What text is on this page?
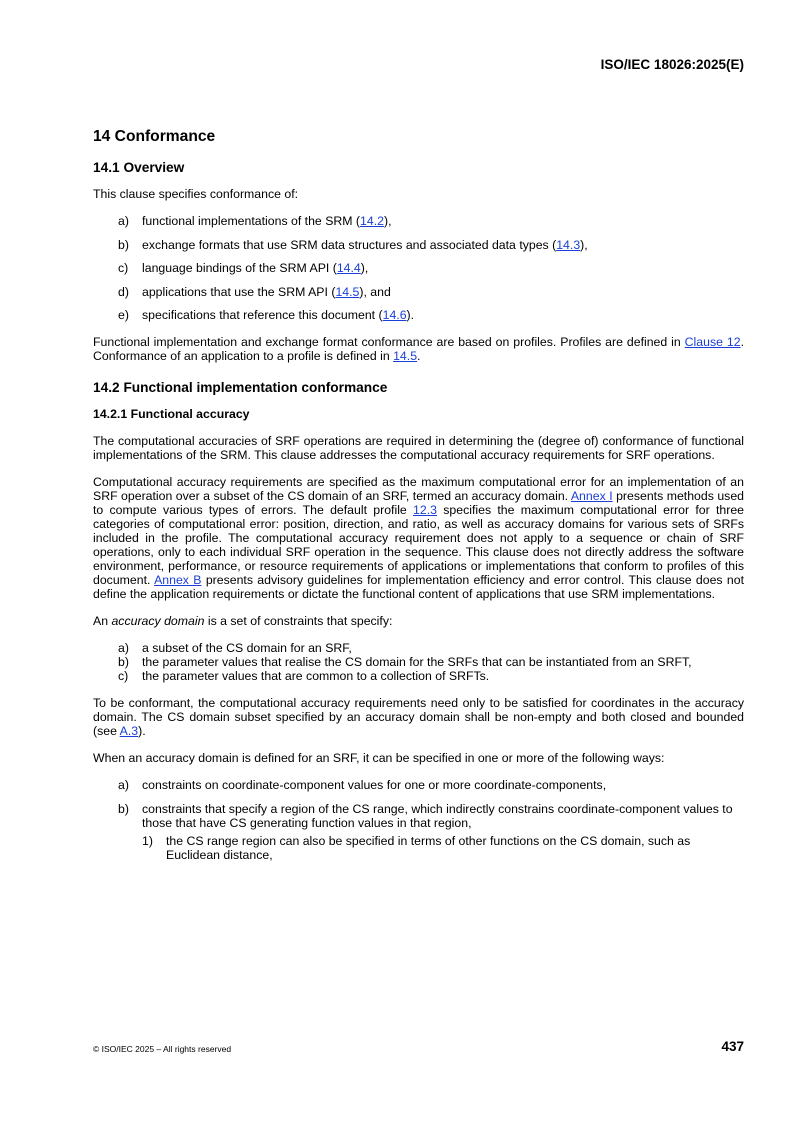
ISO/IEC 18026:2025(E)
14 Conformance
14.1 Overview

This clause specifies conformance of:

a) functional implementations of the SRM (14.2),
b) exchange formats that use SRM data structures and associated data types (14.3),
c) language bindings of the SRM API (14.4),
d) applications that use the SRM API (14.5), and
e) specifications that reference this document (14.6).

Functional implementation and exchange format conformance are based on profiles. Profiles are defined in Clause 12. Conformance of an application to a profile is defined in 14.5.

14.2 Functional implementation conformance
14.2.1 Functional accuracy

The computational accuracies of SRF operations are required in determining the (degree of) conformance of functional implementations of the SRM. This clause addresses the computational accuracy requirements for SRF operations.

Computational accuracy requirements are specified as the maximum computational error for an implementation of an SRF operation over a subset of the CS domain of an SRF, termed an accuracy domain. Annex I presents methods used to compute various types of errors. The default profile 12.3 specifies the maximum computational error for three categories of computational error: position, direction, and ratio, as well as accuracy domains for various sets of SRFs included in the profile. The computational accuracy requirement does not apply to a sequence or chain of SRF operations, only to each individual SRF operation in the sequence. This clause does not directly address the software environment, performance, or resource requirements of applications or implementations that conform to profiles of this document. Annex B presents advisory guidelines for implementation efficiency and error control. This clause does not define the application requirements or dictate the functional content of applications that use SRM implementations.

An accuracy domain is a set of constraints that specify:

a) a subset of the CS domain for an SRF,
b) the parameter values that realise the CS domain for the SRFs that can be instantiated from an SRFT,
c) the parameter values that are common to a collection of SRFTs.

To be conformant, the computational accuracy requirements need only to be satisfied for coordinates in the accuracy domain. The CS domain subset specified by an accuracy domain shall be non-empty and both closed and bounded (see A.3).

When an accuracy domain is defined for an SRF, it can be specified in one or more of the following ways:

a) constraints on coordinate-component values for one or more coordinate-components,
b) constraints that specify a region of the CS range, which indirectly constrains coordinate-component values to those that have CS generating function values in that region,
1) the CS range region can also be specified in terms of other functions on the CS domain, such as Euclidean distance,
© ISO/IEC 2025 – All rights reserved	437
